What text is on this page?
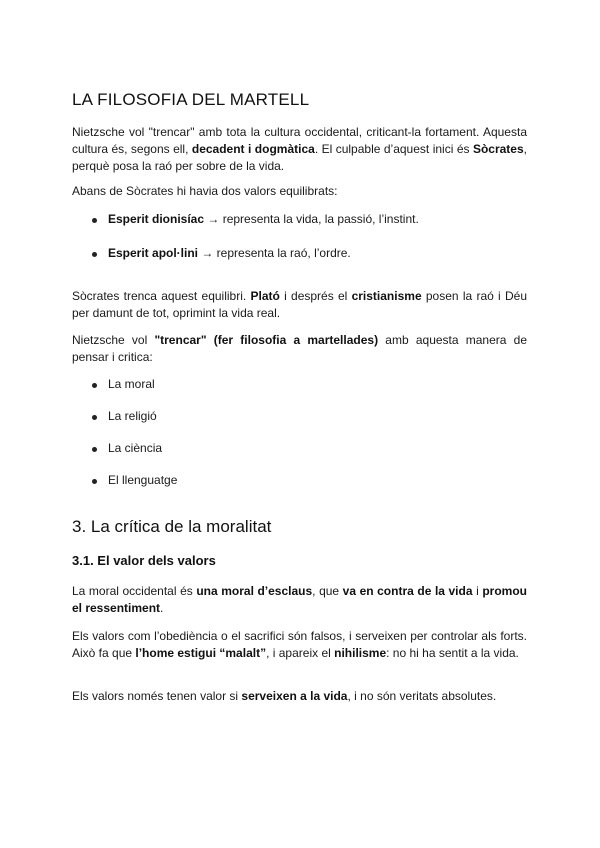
LA FILOSOFIA DEL MARTELL

Nietzsche vol "trencar" amb tota la cultura occidental, criticant-la fortament. Aquesta cultura és, segons ell, decadent i dogmàtica. El culpable d’aquest inici és Sòcrates, perquè posa la raó per sobre de la vida.

Abans de Sòcrates hi havia dos valors equilibrats:

Esperit dionisíac → representa la vida, la passió, l’instint.
Esperit apol·lini → representa la raó, l’ordre.

Sòcrates trenca aquest equilibri. Plató i després el cristianisme posen la raó i Déu per damunt de tot, oprimint la vida real.

Nietzsche vol "trencar" (fer filosofia a martellades) amb aquesta manera de pensar i critica:

La moral
La religió
La ciència
El llenguatge
3. La crítica de la moralitat
3.1. El valor dels valors

La moral occidental és una moral d’esclaus, que va en contra de la vida i promou el ressentiment.

Els valors com l’obediència o el sacrifici són falsos, i serveixen per controlar als forts. Això fa que l’home estigui “malalt”, i apareix el nihilisme: no hi ha sentit a la vida.

Els valors només tenen valor si serveixen a la vida, i no són veritats absolutes.
